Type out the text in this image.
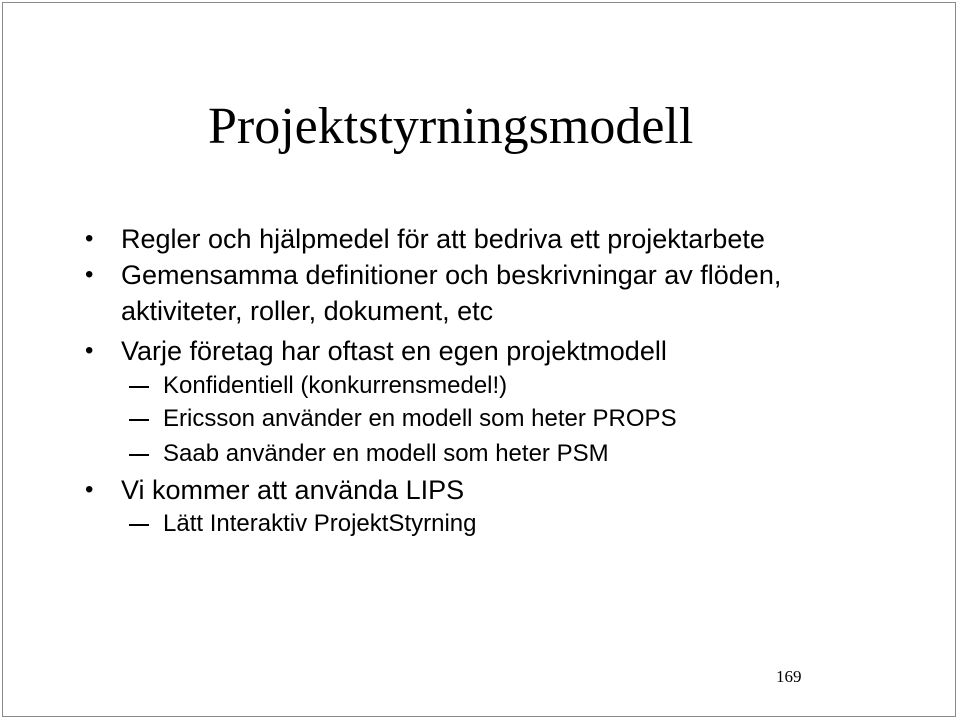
Projektstyrningsmodell
• Regler och hjälpmedel för att bedriva ett projektarbete
• Gemensamma definitioner och beskrivningar av flöden,
aktiviteter, roller, dokument, etc
• Varje företag har oftast en egen projektmodell
Konfidentiell (konkurrensmedel!)
Ericsson använder en modell som heter PROPS
Saab använder en modell som heter PSM
• Vi kommer att använda LIPS
Lätt Interaktiv ProjektStyrning
169
